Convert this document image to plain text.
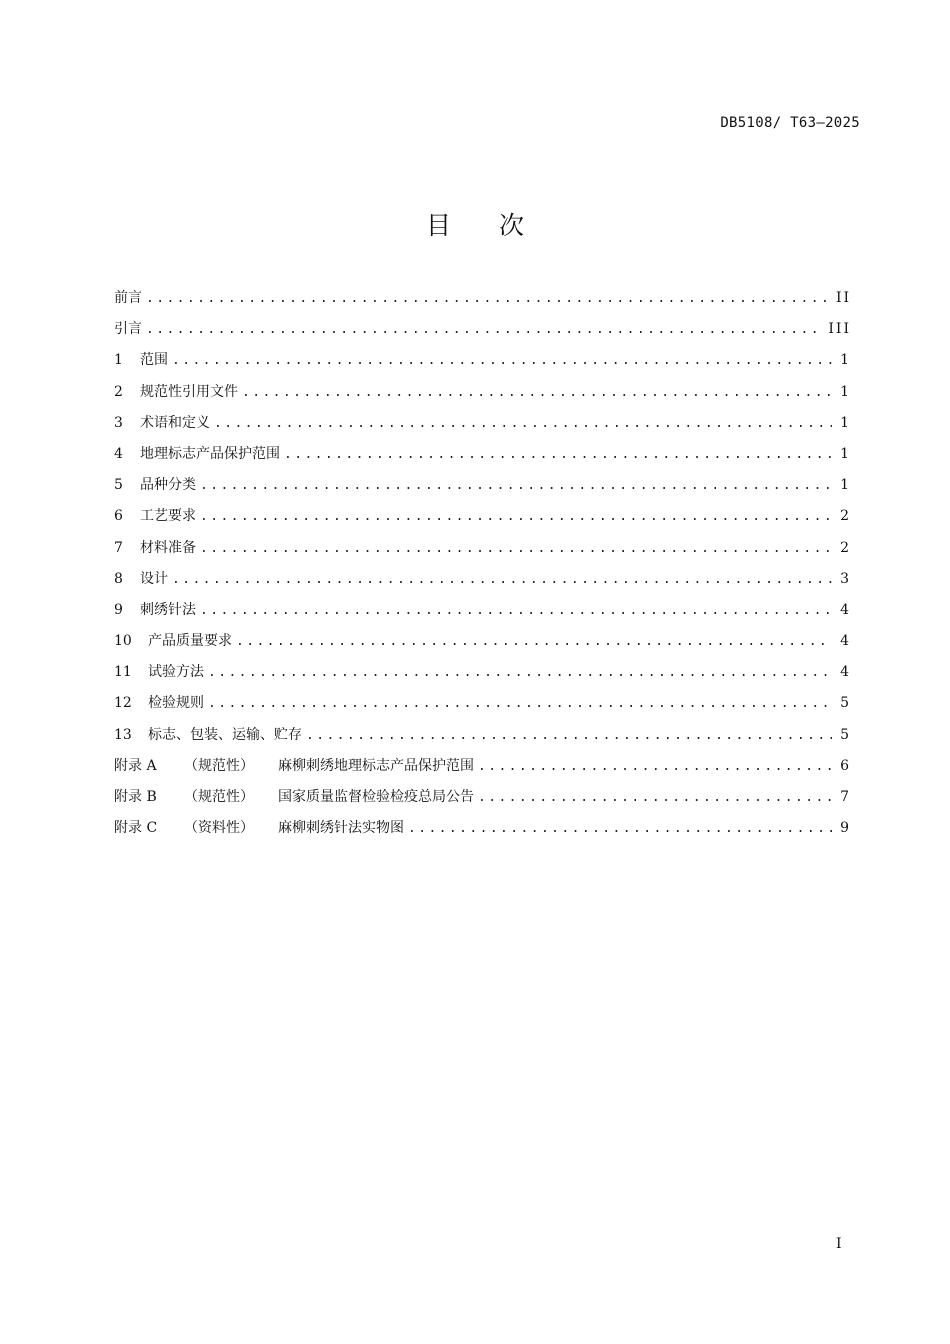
DB5108/ T63—2025
目 次
前言 .....	II
引言 .....	III
1 范围 .....	1
2 规范性引用文件 .....	1
3 术语和定义 .....	1
4 地理标志产品保护范围 .....	1
5 品种分类 .....	1
6 工艺要求 .....	2
7 材料准备 .....	2
8 设计 .....	3
9 刺绣针法 .....	4
10 产品质量要求 .....	4
11 试验方法 .....	4
12 检验规则 .....	5
13 标志、包装、运输、贮存 .....	5
附录 A （规范性） 麻柳刺绣地理标志产品保护范围 .....	6
附录 B （规范性） 国家质量监督检验检疫总局公告 .....	7
附录 C （资料性） 麻柳刺绣针法实物图 .....	9
I
